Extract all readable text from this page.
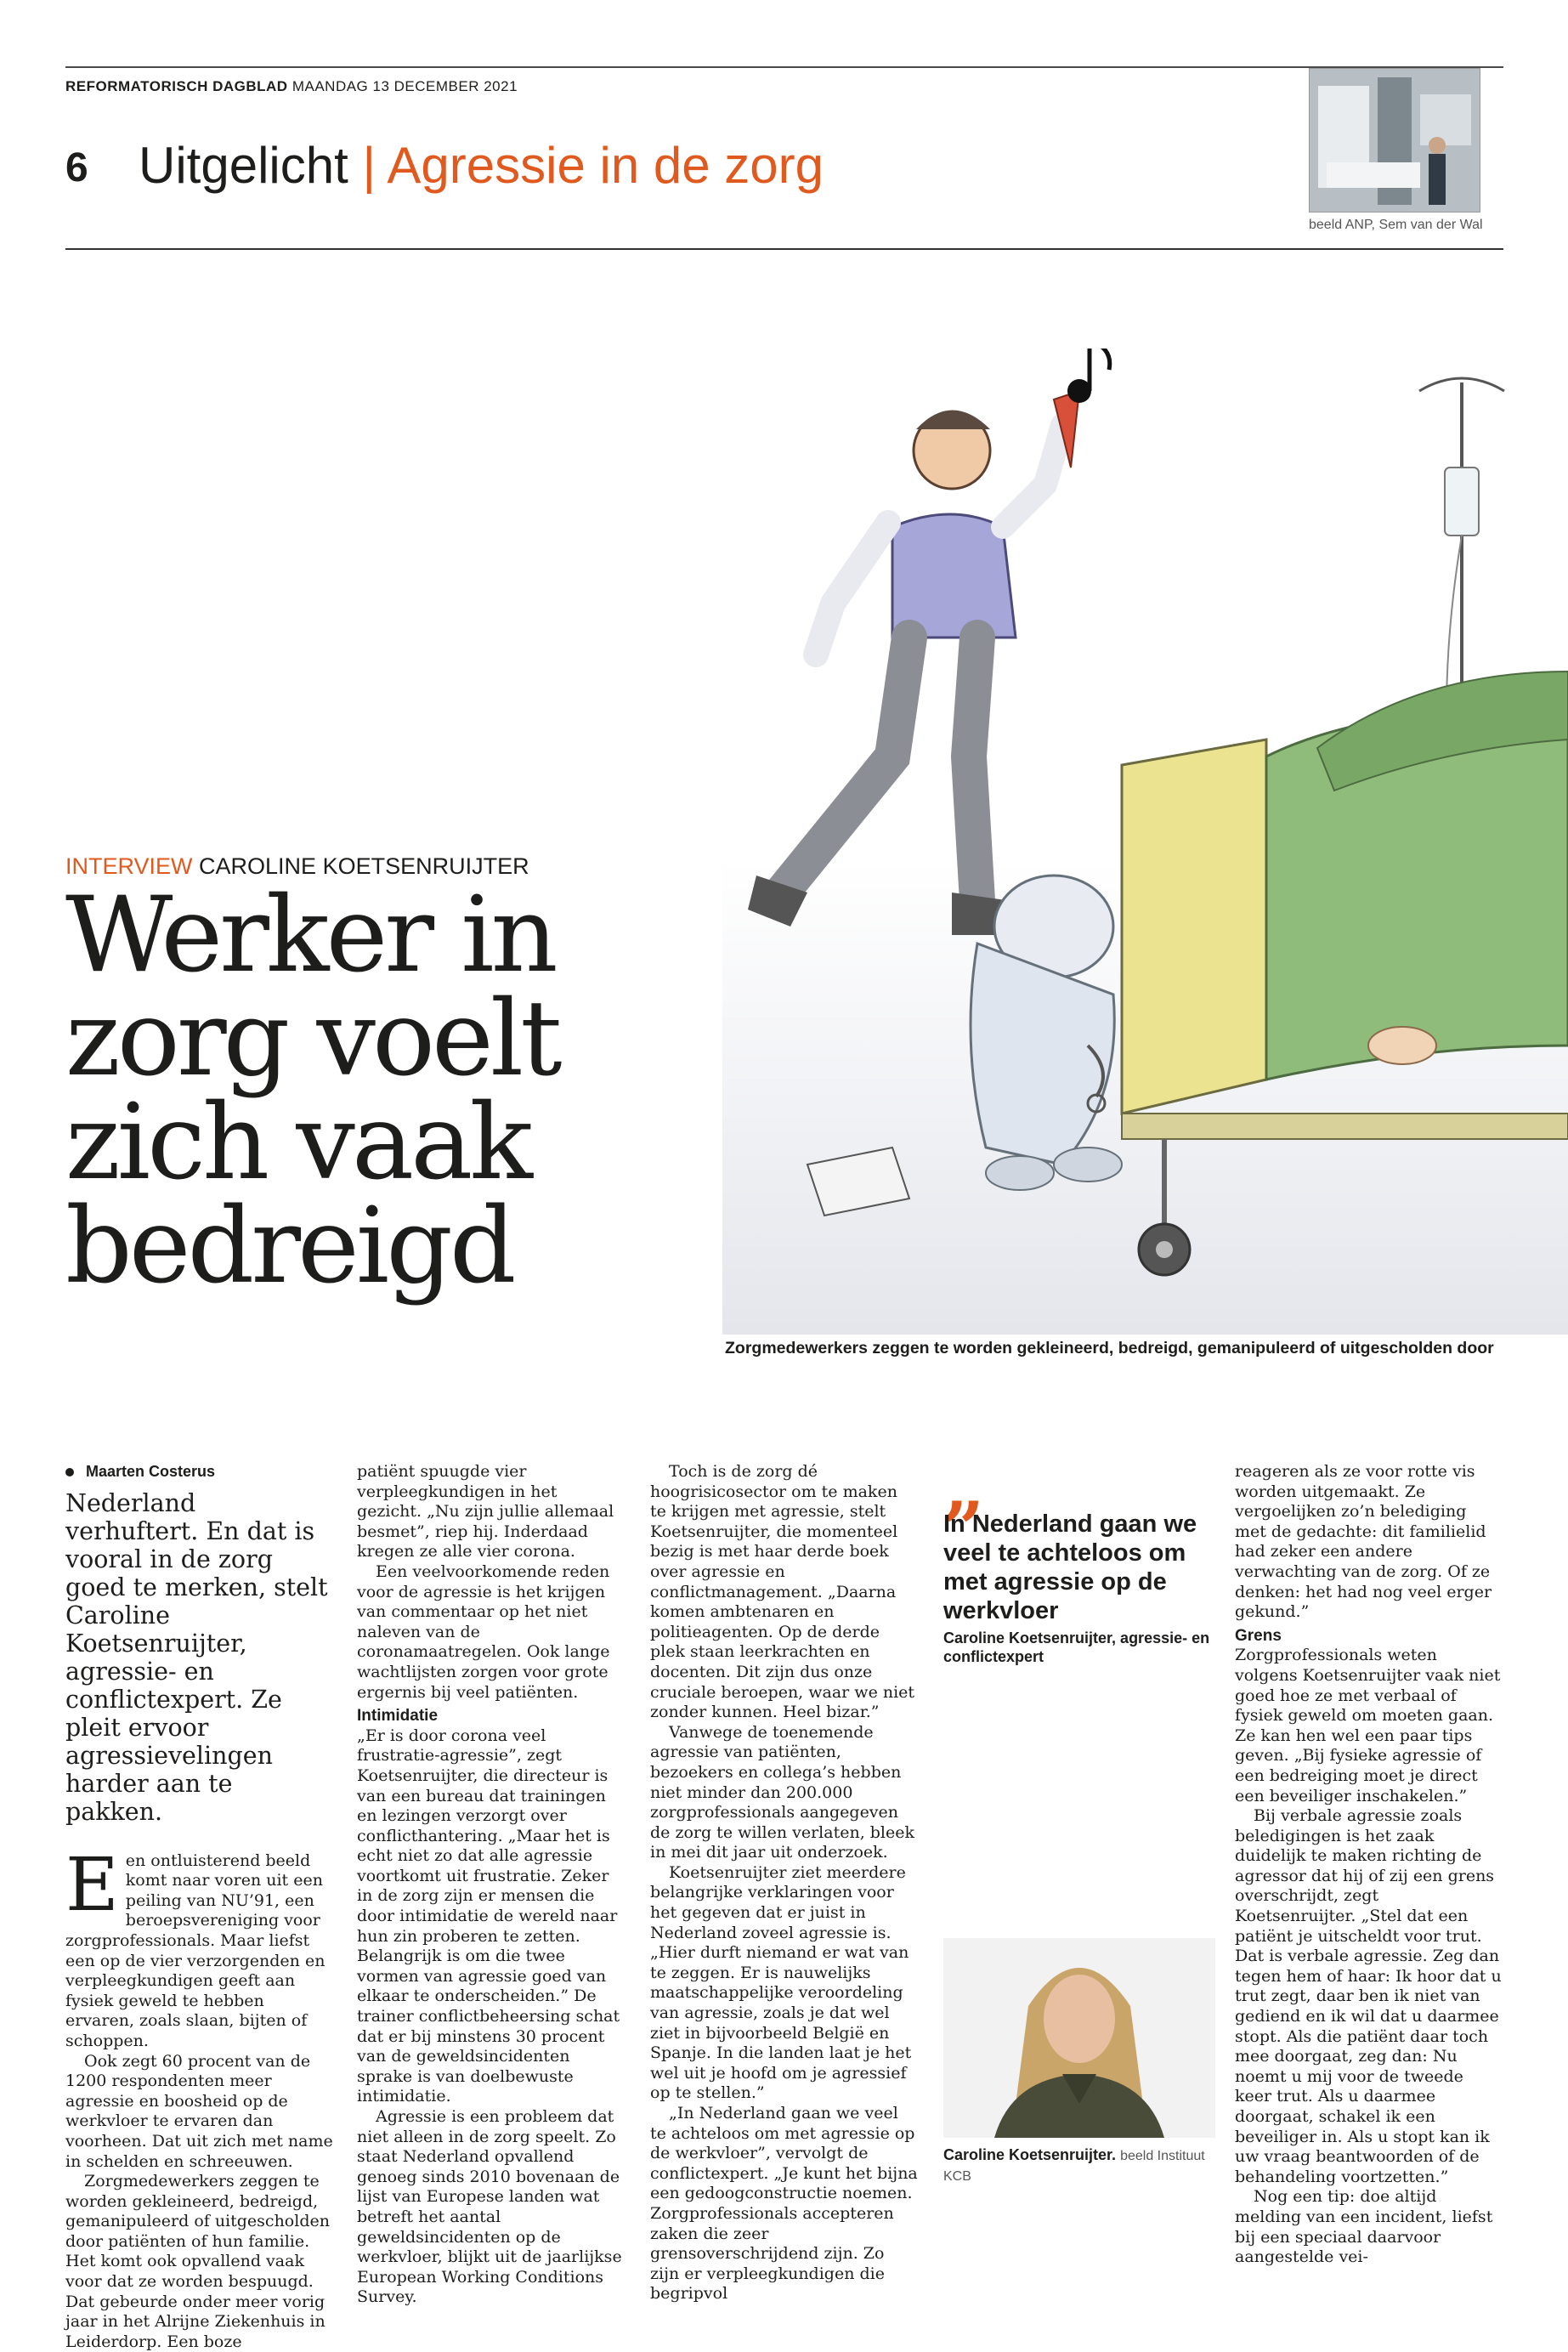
REFORMATORISCH DAGBLAD MAANDAG 13 DECEMBER 2021
6 Uitgelicht | Agressie in de zorg
beeld ANP, Sem van der Wal
Zorgmedewerkers zeggen te worden gekleineerd, bedreigd, gemanipuleerd of uitgescholden door
INTERVIEW CAROLINE KOETSENRUIJTER
Werker in
zorg voelt
zich vaak
bedreigd
Maarten Costerus
Nederland verhuftert. En dat is vooral in de zorg goed te merken, stelt Caroline Koetsenruijter, agressie- en conflictexpert. Ze pleit ervoor agressievelingen harder aan te pakken.

Een ontluisterend beeld komt naar voren uit een peiling van NU’91, een beroepsvereniging voor zorgprofessionals. Maar liefst een op de vier verzorgenden en verpleegkundigen geeft aan fysiek geweld te hebben ervaren, zoals slaan, bijten of schoppen.

Ook zegt 60 procent van de 1200 respondenten meer agressie en boosheid op de werkvloer te ervaren dan voorheen. Dat uit zich met name in schelden en schreeuwen.

Zorgmedewerkers zeggen te worden gekleineerd, bedreigd, gemanipuleerd of uitgescholden door patiënten of hun familie. Het komt ook opvallend vaak voor dat ze worden bespuugd. Dat gebeurde onder meer vorig jaar in het Alrijne Ziekenhuis in Leiderdorp. Een boze

patiënt spuugde vier verpleegkundigen in het gezicht. „Nu zijn jullie allemaal besmet”, riep hij. Inderdaad kregen ze alle vier corona.

Een veelvoorkomende reden voor de agressie is het krijgen van commentaar op het niet naleven van de coronamaatregelen. Ook lange wachtlijsten zorgen voor grote ergernis bij veel patiënten.

Intimidatie

„Er is door corona veel frustratie-agressie”, zegt Koetsenruijter, die directeur is van een bureau dat trainingen en lezingen verzorgt over conflicthantering. „Maar het is echt niet zo dat alle agressie voortkomt uit frustratie. Zeker in de zorg zijn er mensen die door intimidatie de wereld naar hun zin proberen te zetten. Belangrijk is om die twee vormen van agressie goed van elkaar te onderscheiden.” De trainer conflictbeheersing schat dat er bij minstens 30 procent van de geweldsincidenten sprake is van doelbewuste intimidatie.

Agressie is een probleem dat niet alleen in de zorg speelt. Zo staat Nederland opvallend genoeg sinds 2010 bovenaan de lijst van Europese landen wat betreft het aantal geweldsincidenten op de werkvloer, blijkt uit de jaarlijkse European Working Conditions Survey.

Toch is de zorg dé hoogrisicosector om te maken te krijgen met agressie, stelt Koetsenruijter, die momenteel bezig is met haar derde boek over agressie en conflictmanagement. „Daarna komen ambtenaren en politieagenten. Op de derde plek staan leerkrachten en docenten. Dit zijn dus onze cruciale beroepen, waar we niet zonder kunnen. Heel bizar.”

Vanwege de toenemende agressie van patiënten, bezoekers en collega’s hebben niet minder dan 200.000 zorgprofessionals aangegeven de zorg te willen verlaten, bleek in mei dit jaar uit onderzoek.

Koetsenruijter ziet meerdere belangrijke verklaringen voor het gegeven dat er juist in Nederland zoveel agressie is. „Hier durft niemand er wat van te zeggen. Er is nauwelijks maatschappelijke veroordeling van agressie, zoals je dat wel ziet in bijvoorbeeld België en Spanje. In die landen laat je het wel uit je hoofd om je agressief op te stellen.”

„In Nederland gaan we veel te achteloos om met agressie op de werkvloer”, vervolgt de conflictexpert. „Je kunt het bijna een gedoogconstructie noemen. Zorgprofessionals accepteren zaken die zeer grensoverschrijdend zijn. Zo zijn er verpleegkundigen die begripvol

„
In Nederland gaan we veel te achteloos om met agressie op de werkvloer
Caroline Koetsenruijter, agressie- en conflictexpert
Caroline Koetsenruijter. beeld Instituut KCB

reageren als ze voor rotte vis worden uitgemaakt. Ze vergoelijken zo’n belediging met de gedachte: dit familielid had zeker een andere verwachting van de zorg. Of ze denken: het had nog veel erger gekund.”

Grens

Zorgprofessionals weten volgens Koetsenruijter vaak niet goed hoe ze met verbaal of fysiek geweld om moeten gaan. Ze kan hen wel een paar tips geven. „Bij fysieke agressie of een bedreiging moet je direct een beveiliger inschakelen.”

Bij verbale agressie zoals beledigingen is het zaak duidelijk te maken richting de agressor dat hij of zij een grens overschrijdt, zegt Koetsenruijter. „Stel dat een patiënt je uitscheldt voor trut. Dat is verbale agressie. Zeg dan tegen hem of haar: Ik hoor dat u trut zegt, daar ben ik niet van gediend en ik wil dat u daarmee stopt. Als die patiënt daar toch mee doorgaat, zeg dan: Nu noemt u mij voor de tweede keer trut. Als u daarmee doorgaat, schakel ik een beveiliger in. Als u stopt kan ik uw vraag beantwoorden of de behandeling voortzetten.”

Nog een tip: doe altijd melding van een incident, liefst bij een speciaal daarvoor aangestelde vei-
